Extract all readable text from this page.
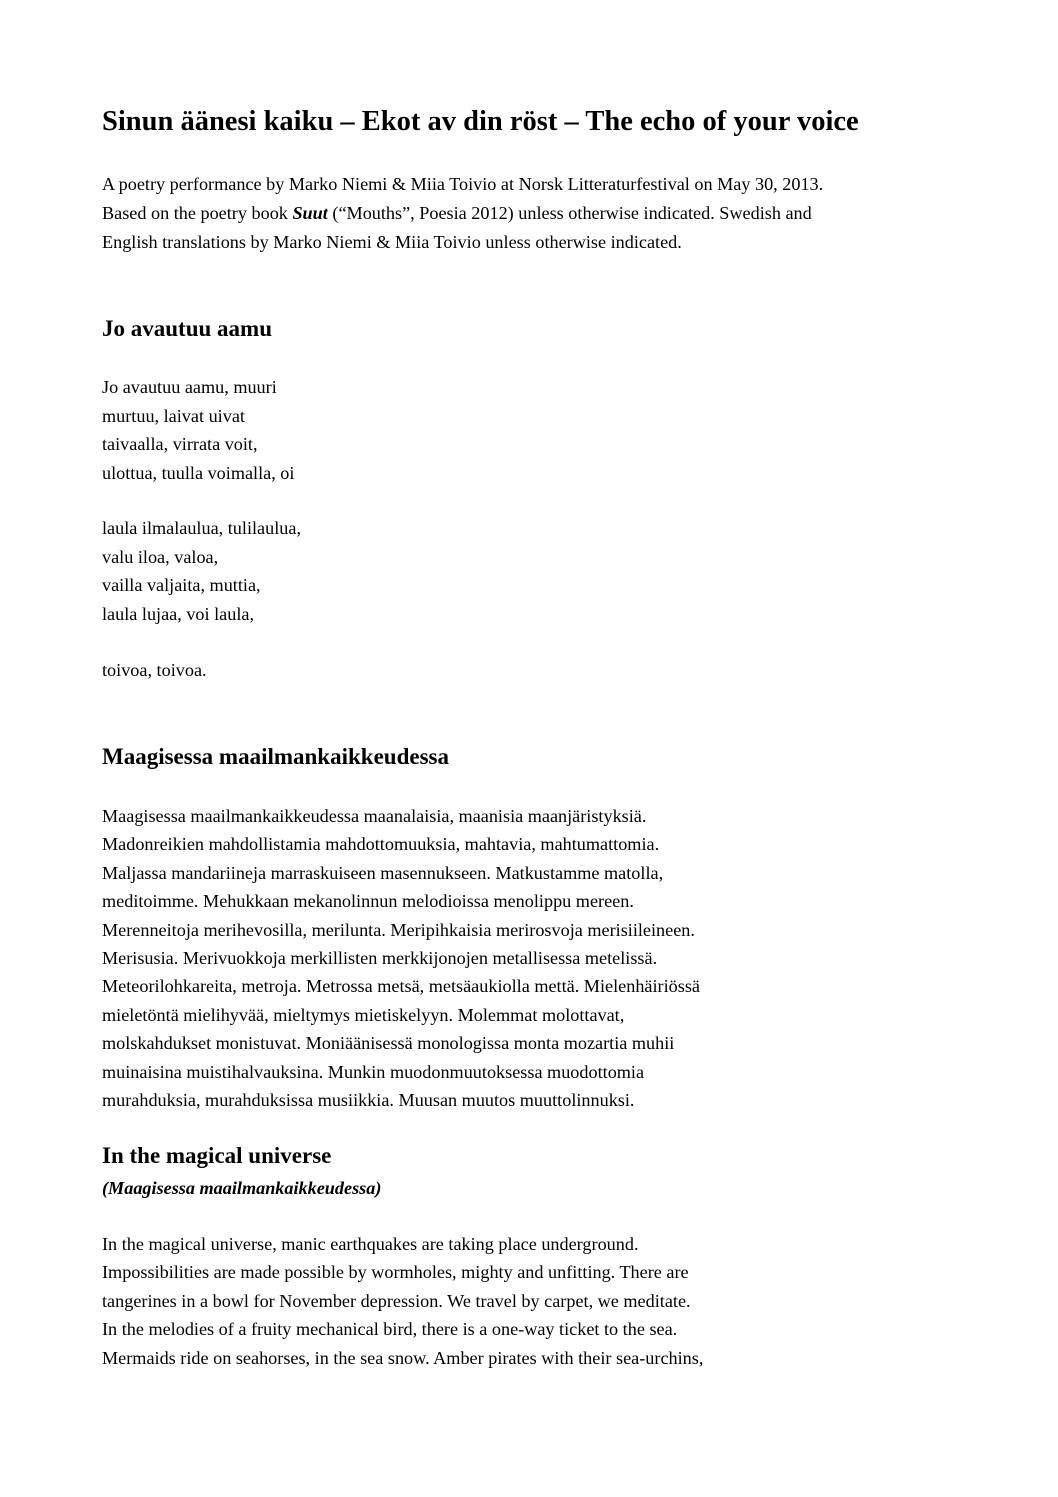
Sinun äänesi kaiku – Ekot av din röst – The echo of your voice

A poetry performance by Marko Niemi & Miia Toivio at Norsk Litteraturfestival on May 30, 2013.

Based on the poetry book Suut (“Mouths”, Poesia 2012) unless otherwise indicated. Swedish and

English translations by Marko Niemi & Miia Toivio unless otherwise indicated.

Jo avautuu aamu
Jo avautuu aamu, muuri
murtuu, laivat uivat
taivaalla, virrata voit,
ulottua, tuulla voimalla, oi
laula ilmalaulua, tulilaulua,
valu iloa, valoa,
vailla valjaita, muttia,
laula lujaa, voi laula,
toivoa, toivoa.
Maagisessa maailmankaikkeudessa
Maagisessa maailmankaikkeudessa maanalaisia, maanisia maanjäristyksiä.
Madonreikien mahdollistamia mahdottomuuksia, mahtavia, mahtumattomia.
Maljassa mandariineja marraskuiseen masennukseen. Matkustamme matolla,
meditoimme. Mehukkaan mekanolinnun melodioissa menolippu mereen.
Merenneitoja merihevosilla, merilunta. Meripihkaisia merirosvoja merisiileineen.
Merisusia. Merivuokkoja merkillisten merkkijonojen metallisessa metelissä.
Meteorilohkareita, metroja. Metrossa metsä, metsäaukiolla mettä. Mielenhäiriössä
mieletöntä mielihyvää, mieltymys mietiskelyyn. Molemmat molottavat,
molskahdukset monistuvat. Moniäänisessä monologissa monta mozartia muhii
muinaisina muistihalvauksina. Munkin muodonmuutoksessa muodottomia
murahduksia, murahduksissa musiikkia. Muusan muutos muuttolinnuksi.
In the magical universe
(Maagisessa maailmankaikkeudessa)
In the magical universe, manic earthquakes are taking place underground.
Impossibilities are made possible by wormholes, mighty and unfitting. There are
tangerines in a bowl for November depression. We travel by carpet, we meditate.
In the melodies of a fruity mechanical bird, there is a one-way ticket to the sea.
Mermaids ride on seahorses, in the sea snow. Amber pirates with their sea-urchins,
